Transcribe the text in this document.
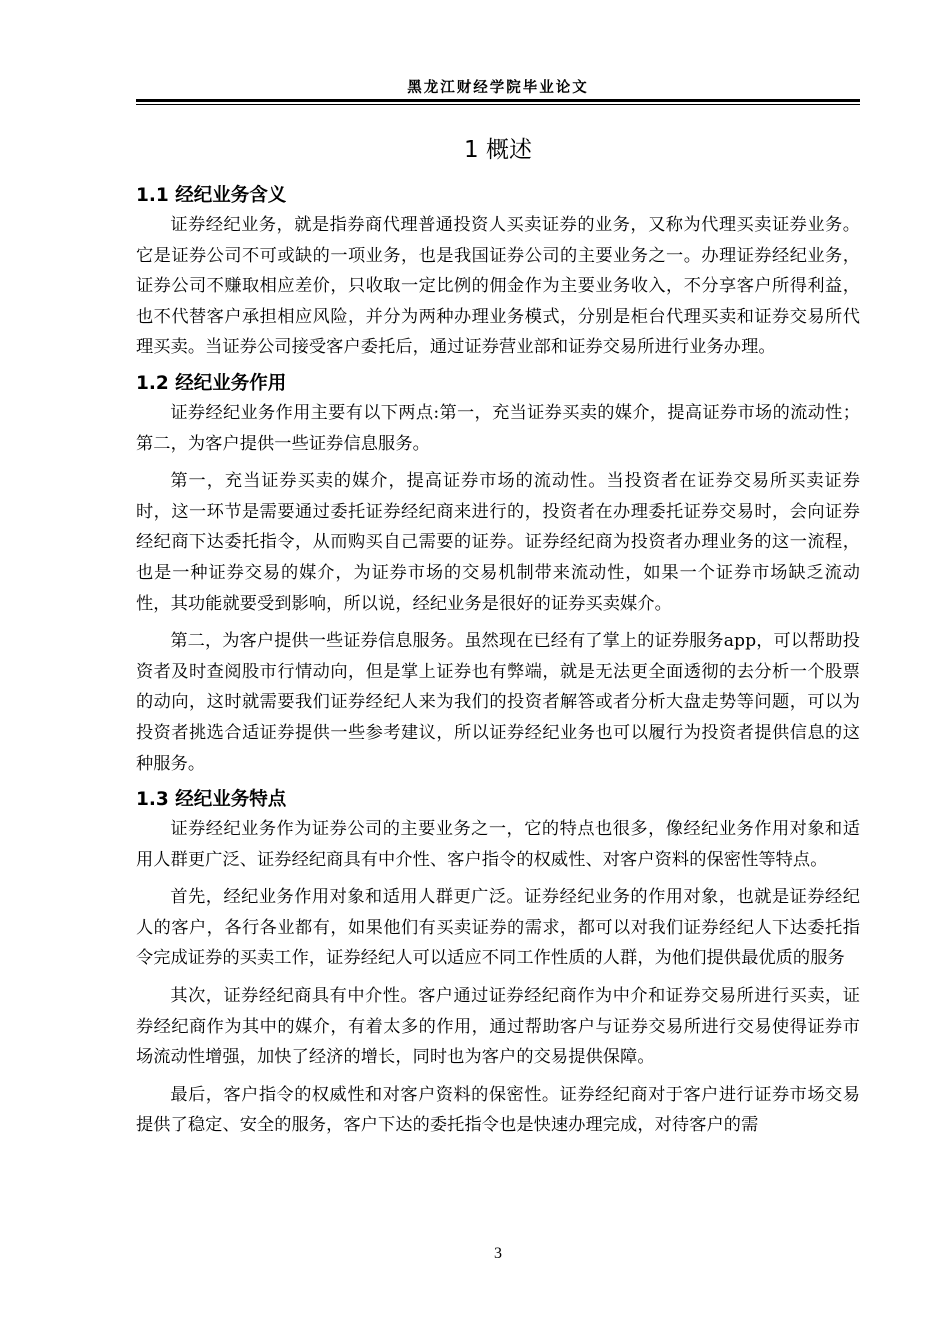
黑龙江财经学院毕业论文
1 概述
1.1 经纪业务含义

证券经纪业务，就是指券商代理普通投资人买卖证券的业务，又称为代理买卖证券业务。它是证券公司不可或缺的一项业务，也是我国证券公司的主要业务之一。办理证券经纪业务，证券公司不赚取相应差价，只收取一定比例的佣金作为主要业务收入，不分享客户所得利益，也不代替客户承担相应风险，并分为两种办理业务模式，分别是柜台代理买卖和证券交易所代理买卖。当证券公司接受客户委托后，通过证券营业部和证券交易所进行业务办理。

1.2 经纪业务作用

证券经纪业务作用主要有以下两点:第一，充当证券买卖的媒介，提高证券市场的流动性；第二，为客户提供一些证券信息服务。

第一，充当证券买卖的媒介，提高证券市场的流动性。当投资者在证券交易所买卖证券时，这一环节是需要通过委托证券经纪商来进行的，投资者在办理委托证券交易时，会向证券经纪商下达委托指令，从而购买自己需要的证券。证券经纪商为投资者办理业务的这一流程，也是一种证券交易的媒介，为证券市场的交易机制带来流动性，如果一个证券市场缺乏流动性，其功能就要受到影响，所以说，经纪业务是很好的证券买卖媒介。

第二，为客户提供一些证券信息服务。虽然现在已经有了掌上的证券服务app，可以帮助投资者及时查阅股市行情动向，但是掌上证券也有弊端，就是无法更全面透彻的去分析一个股票的动向，这时就需要我们证券经纪人来为我们的投资者解答或者分析大盘走势等问题，可以为投资者挑选合适证券提供一些参考建议，所以证券经纪业务也可以履行为投资者提供信息的这种服务。

1.3 经纪业务特点

证券经纪业务作为证券公司的主要业务之一，它的特点也很多，像经纪业务作用对象和适用人群更广泛、证券经纪商具有中介性、客户指令的权威性、对客户资料的保密性等特点。

首先，经纪业务作用对象和适用人群更广泛。证券经纪业务的作用对象，也就是证券经纪人的客户，各行各业都有，如果他们有买卖证券的需求，都可以对我们证券经纪人下达委托指令完成证券的买卖工作，证券经纪人可以适应不同工作性质的人群，为他们提供最优质的服务

其次，证券经纪商具有中介性。客户通过证券经纪商作为中介和证券交易所进行买卖，证券经纪商作为其中的媒介，有着太多的作用，通过帮助客户与证券交易所进行交易使得证券市场流动性增强，加快了经济的增长，同时也为客户的交易提供保障。

最后，客户指令的权威性和对客户资料的保密性。证券经纪商对于客户进行证券市场交易提供了稳定、安全的服务，客户下达的委托指令也是快速办理完成，对待客户的需

3
